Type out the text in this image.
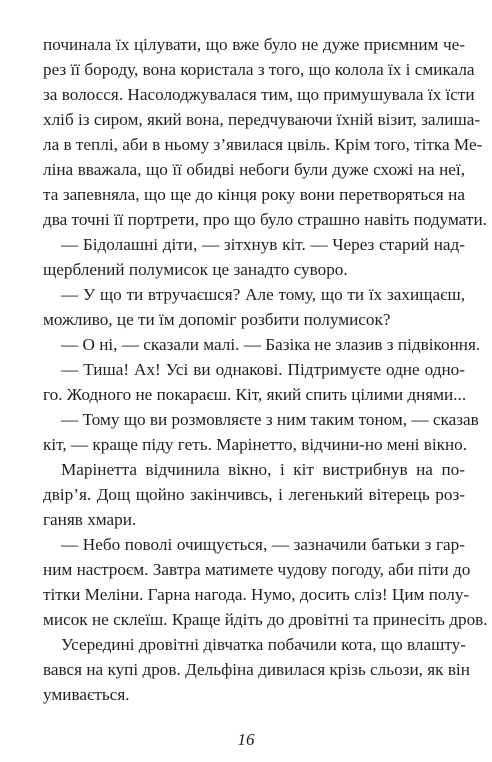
починала їх цілувати, що вже було не дуже приємним че-
рез її бороду, вона користала з того, що колола їх і смикала
за волосся. Насолоджувалася тим, що примушувала їх їсти
хліб із сиром, який вона, передчуваючи їхній візит, залиша-
ла в теплі, аби в ньому з’явилася цвіль. Крім того, тітка Ме-
ліна вважала, що її обидві небоги були дуже схожі на неї,
та запевняла, що ще до кінця року вони перетворяться на
два точні її портрети, про що було страшно навіть подумати.
— Бідолашні діти, — зітхнув кіт. — Через старий над-
щерблений полумисок це занадто суворо.
— У що ти втручаєшся? Але тому, що ти їх захищаєш,
можливо, це ти їм допоміг розбити полумисок?
— О ні, — сказали малі. — Базіка не злазив з підвіконня.
— Тиша! Ах! Усі ви однакові. Підтримуєте одне одно-
го. Жодного не покараєш. Кіт, який спить цілими днями...
— Тому що ви розмовляєте з ним таким тоном, — сказав
кіт, — краще піду геть. Марінетто, відчини-но мені вікно.
Марінетта відчинила вікно, і кіт вистрибнув на по-
двір’я. Дощ щойно закінчивсь, і легенький вітерець роз-
ганяв хмари.
— Небо поволі очищується, — зазначили батьки з гар-
ним настроєм. Завтра матимете чудову погоду, аби піти до
тітки Меліни. Гарна нагода. Нумо, досить сліз! Цим полу-
мисок не склеїш. Краще йдіть до дровітні та принесіть дров.
Усередині дровітні дівчатка побачили кота, що влашту-
вався на купі дров. Дельфіна дивилася крізь сльози, як він
умивається.
16
